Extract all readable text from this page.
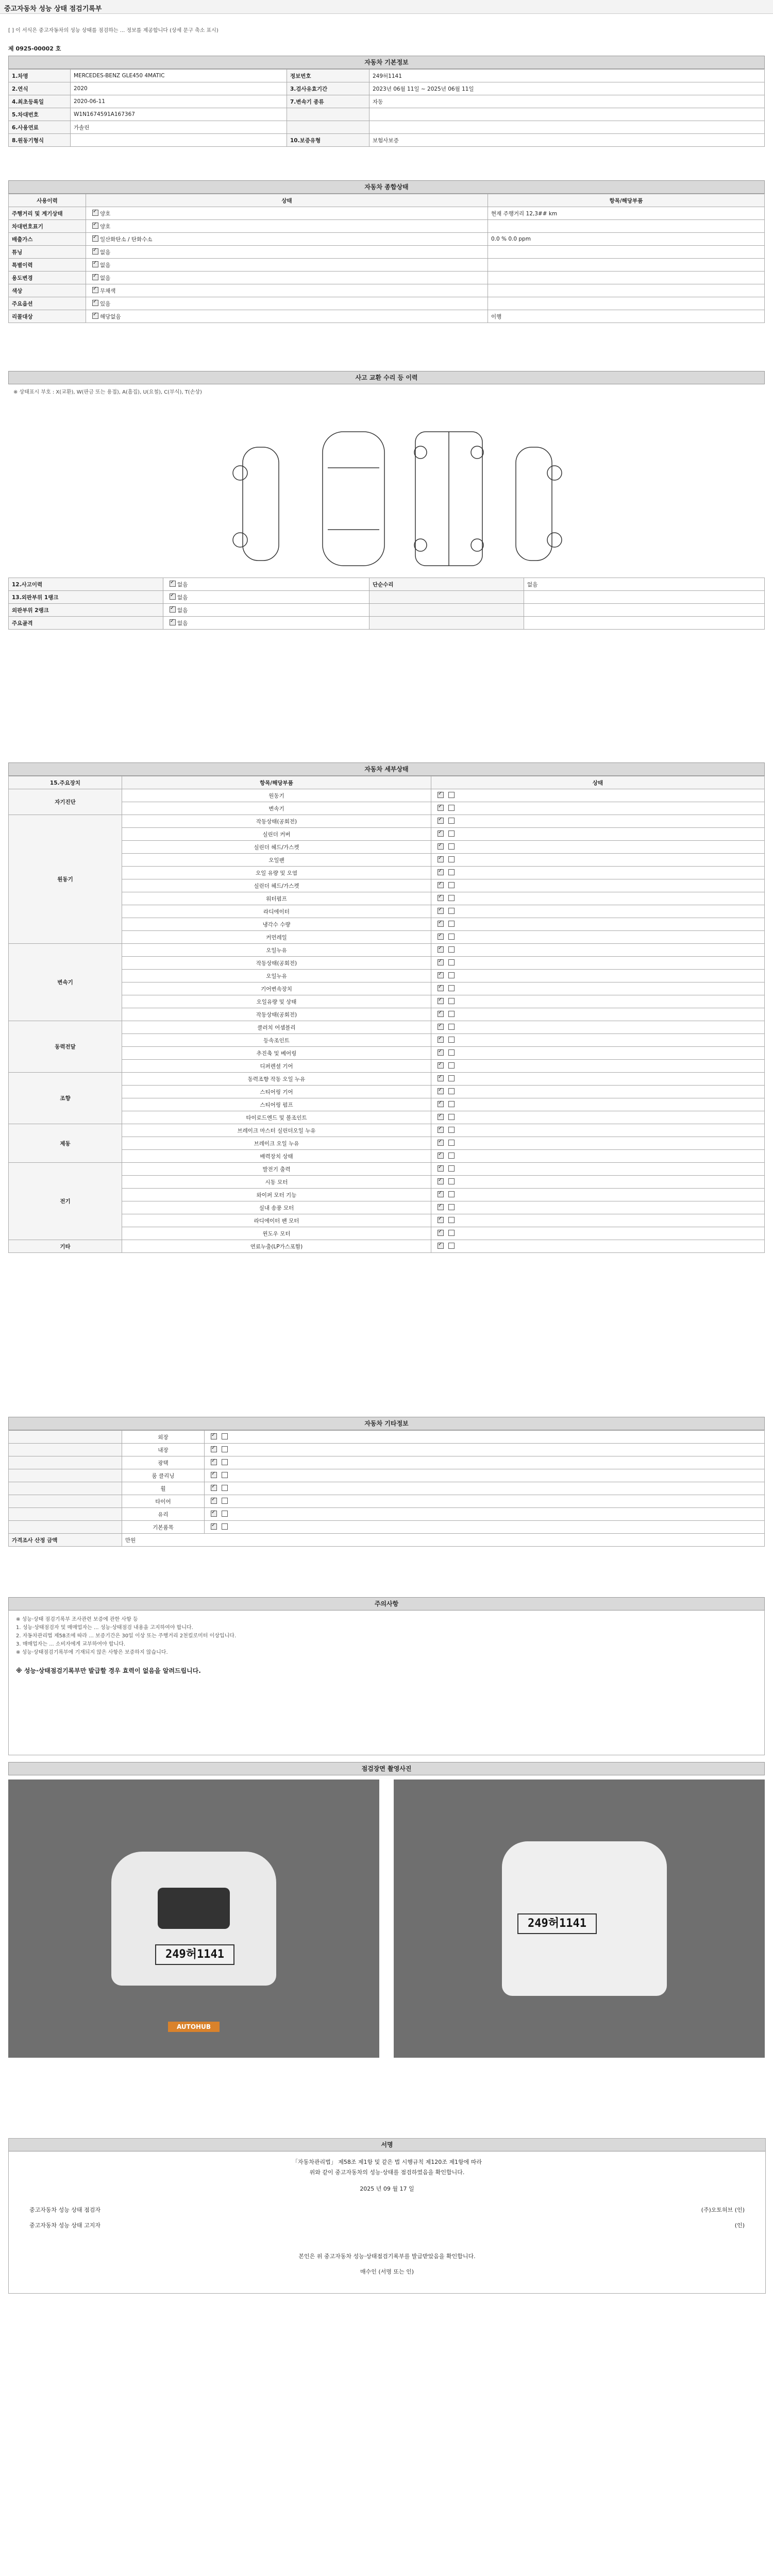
중고자동차 성능 상태 점검기록부
[ ] 이 서식은 중고자동차의 성능 상태를 점검하는 ... 정보를 제공합니다 (상세 문구 축소 표시)
제 0925-00002 호
자동차 기본정보
1.차명	MERCEDES-BENZ GLE450 4MATIC	정보번호	249허1141
2.연식	2020	3.검사유효기간	2023년 06월 11일 ~ 2025년 06월 11일
4.최초등록일	2020-06-11	7.변속기 종류	자동
5.차대번호	W1N1674591A167367		
6.사용연료	가솔린		
8.원동기형식		10.보증유형	보험사보증
자동차 종합상태
사용이력	상태	항목/해당부품
주행거리 및 계기상태	✓양호	현재 주행거리 12,3## km
차대번호표기	✓양호	
배출가스	✓일산화탄소 / 탄화수소	0.0 % 0.0 ppm
튜닝	✓없음	
특별이력	✓없음	
용도변경	✓없음	
색상	✓무채색	
주요옵션	✓있음	
리콜대상	✓해당없음	이행
사고 교환 수리 등 이력
※ 상태표시 부호 : X(교환), W(판금 또는 용접), A(흠집), U(요철), C(부식), T(손상)
12.사고이력	✓없음	단순수리	없음
13.외판부위 1랭크	✓없음		
외판부위 2랭크	✓없음		
주요골격	✓없음		
자동차 세부상태
15.주요장치	항목/해당부품	상태
자기진단	원동기	✓
	변속기	✓
원동기	작동상태(공회전)	✓
	실린더 커버	✓
	실린더 헤드/가스켓	✓
	오일팬	✓
	오일 유량 및 오염	✓
	실린더 헤드/가스켓	✓
	워터펌프	✓
	라디에이터	✓
	냉각수 수량	✓
	커먼레일	✓
변속기	오일누유	✓
	작동상태(공회전)	✓
	오일누유	✓
	기어변속장치	✓
	오일유량 및 상태	✓
	작동상태(공회전)	✓
동력전달	클러치 어셈블리	✓
	등속조인트	✓
	추진축 및 베어링	✓
	디퍼렌셜 기어	✓
조향	동력조향 작동 오일 누유	✓
	스티어링 기어	✓
	스티어링 펌프	✓
	타이로드엔드 및 볼조인트	✓
제동	브레이크 마스터 실린더오일 누유	✓
	브레이크 오일 누유	✓
	배력장치 상태	✓
전기	발전기 출력	✓
	시동 모터	✓
	와이퍼 모터 기능	✓
	실내 송풍 모터	✓
	라디에이터 팬 모터	✓
	윈도우 모터	✓
기타	연료누출(LP가스포함)	✓
자동차 기타정보
	외장	✓
	내장	✓
	광택	✓
	룸 클리닝	✓
	휠	✓
	타이어	✓
	유리	✓
	기본품목	✓
가격조사 산정 금액	만원	
주의사항
※ 성능·상태 점검기록부 조사관련 보증에 관한 사항 등
1. 성능·상태점검자 및 매매업자는 ... 성능·상태점검 내용을 고지하여야 합니다.
2. 자동차관리법 제58조에 따라 ... 보증기간은 30일 이상 또는 주행거리 2천킬로미터 이상입니다.
3. 매매업자는 ... 소비자에게 교부하여야 합니다.
※ 성능·상태점검기록부에 기재되지 않은 사항은 보증하지 않습니다.
※ 성능·상태점검기록부만 발급할 경우 효력이 없음을 알려드립니다.
점검장면 촬영사진
249허1141
AUTOHUB
249허1141
서명
「자동차관리법」 제58조 제1항 및 같은 법 시행규칙 제120조 제1항에 따라
위와 같이 중고자동차의 성능·상태를 점검하였음을 확인합니다.
2025 년 09 월 17 일
중고자동차 성능 상태 점검자	(주)오토허브 (인)
중고자동차 성능 상태 고지자	(인)
본인은 위 중고자동차 성능·상태점검기록부를 발급받았음을 확인합니다.
매수인 (서명 또는 인)
